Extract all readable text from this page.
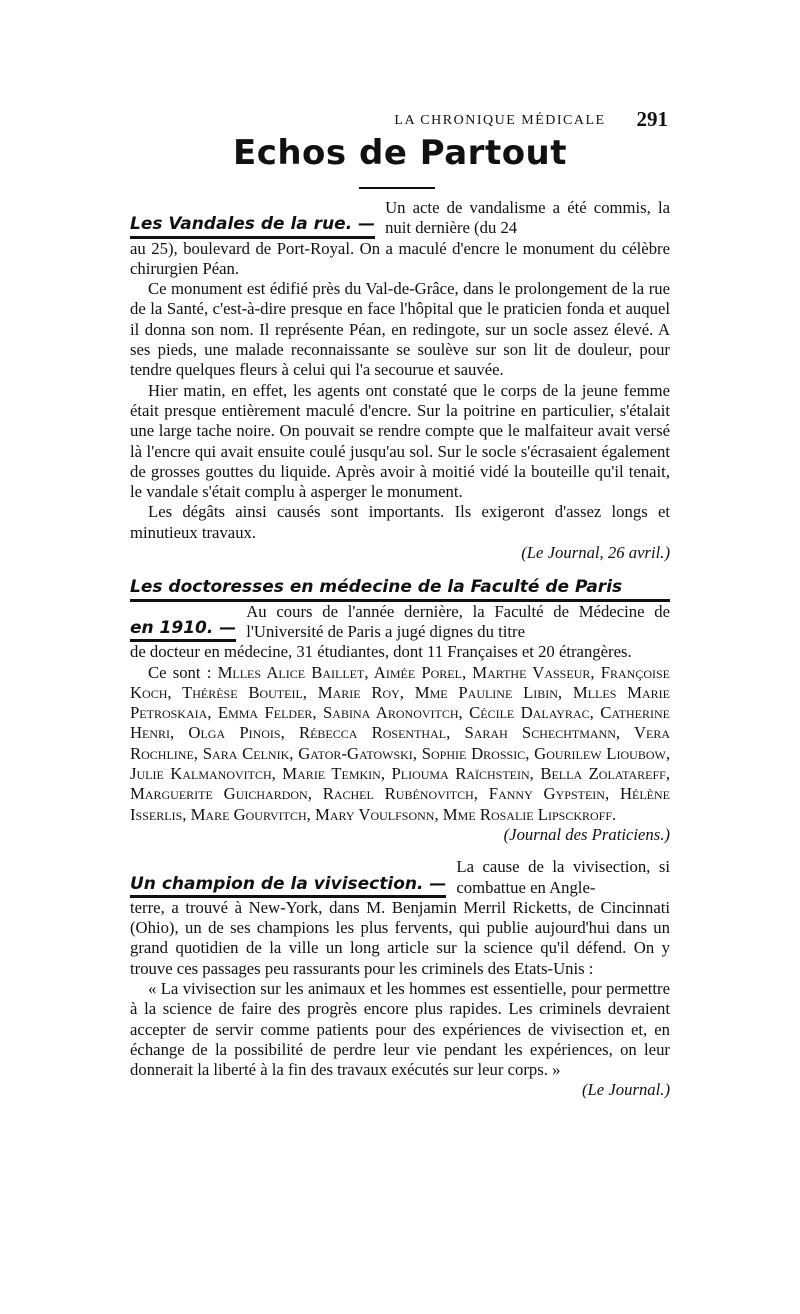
LA CHRONIQUE MÉDICALE	291
Echos de Partout
Les Vandales de la rue. —
Un acte de vandalisme a été commis, la nuit dernière (du 24

au 25), boulevard de Port-Royal. On a maculé d'encre le monument du célèbre chirurgien Péan.

Ce monument est édifié près du Val-de-Grâce, dans le prolongement de la rue de la Santé, c'est-à-dire presque en face l'hôpital que le praticien fonda et auquel il donna son nom. Il représente Péan, en redingote, sur un socle assez élevé. A ses pieds, une malade reconnaissante se soulève sur son lit de douleur, pour tendre quelques fleurs à celui qui l'a secourue et sauvée.

Hier matin, en effet, les agents ont constaté que le corps de la jeune femme était presque entièrement maculé d'encre. Sur la poitrine en particulier, s'étalait une large tache noire. On pouvait se rendre compte que le malfaiteur avait versé là l'encre qui avait ensuite coulé jusqu'au sol. Sur le socle s'écrasaient également de grosses gouttes du liquide. Après avoir à moitié vidé la bouteille qu'il tenait, le vandale s'était complu à asperger le monument.

Les dégâts ainsi causés sont importants. Ils exigeront d'assez longs et minutieux travaux.

(Le Journal, 26 avril.)

Les doctoresses en médecine de la Faculté de Paris
en 1910. —
Au cours de l'année dernière, la Faculté de Médecine de l'Université de Paris a jugé dignes du titre

de docteur en médecine, 31 étudiantes, dont 11 Françaises et 20 étrangères.

Ce sont : Mlles Alice Baillet, Aimée Porel, Marthe Vasseur, Françoise Koch, Thérèse Bouteil, Marie Roy, Mme Pauline Libin, Mlles Marie Petroskaia, Emma Felder, Sabina Aronovitch, Cécile Dalayrac, Catherine Henri, Olga Pinois, Rébecca Rosenthal, Sarah Schechtmann, Vera Rochline, Sara Celnik, Gator-Gatowski, Sophie Drossic, Gourilew Lioubow, Julie Kalmanovitch, Marie Temkin, Pliouma Raïchstein, Bella Zolatareff, Marguerite Guichardon, Rachel Rubénovitch, Fanny Gypstein, Hélène Isserlis, Mare Gourvitch, Mary Voulfsonn, Mme Rosalie Lipsckroff.

(Journal des Praticiens.)

Un champion de la vivisection. —
La cause de la vivisection, si combattue en Angle-

terre, a trouvé à New-York, dans M. Benjamin Merril Ricketts, de Cincinnati (Ohio), un de ses champions les plus fervents, qui publie aujourd'hui dans un grand quotidien de la ville un long article sur la science qu'il défend. On y trouve ces passages peu rassurants pour les criminels des Etats-Unis :

« La vivisection sur les animaux et les hommes est essentielle, pour permettre à la science de faire des progrès encore plus rapides. Les criminels devraient accepter de servir comme patients pour des expériences de vivisection et, en échange de la possibilité de perdre leur vie pendant les expériences, on leur donnerait la liberté à la fin des travaux exécutés sur leur corps. »

(Le Journal.)
